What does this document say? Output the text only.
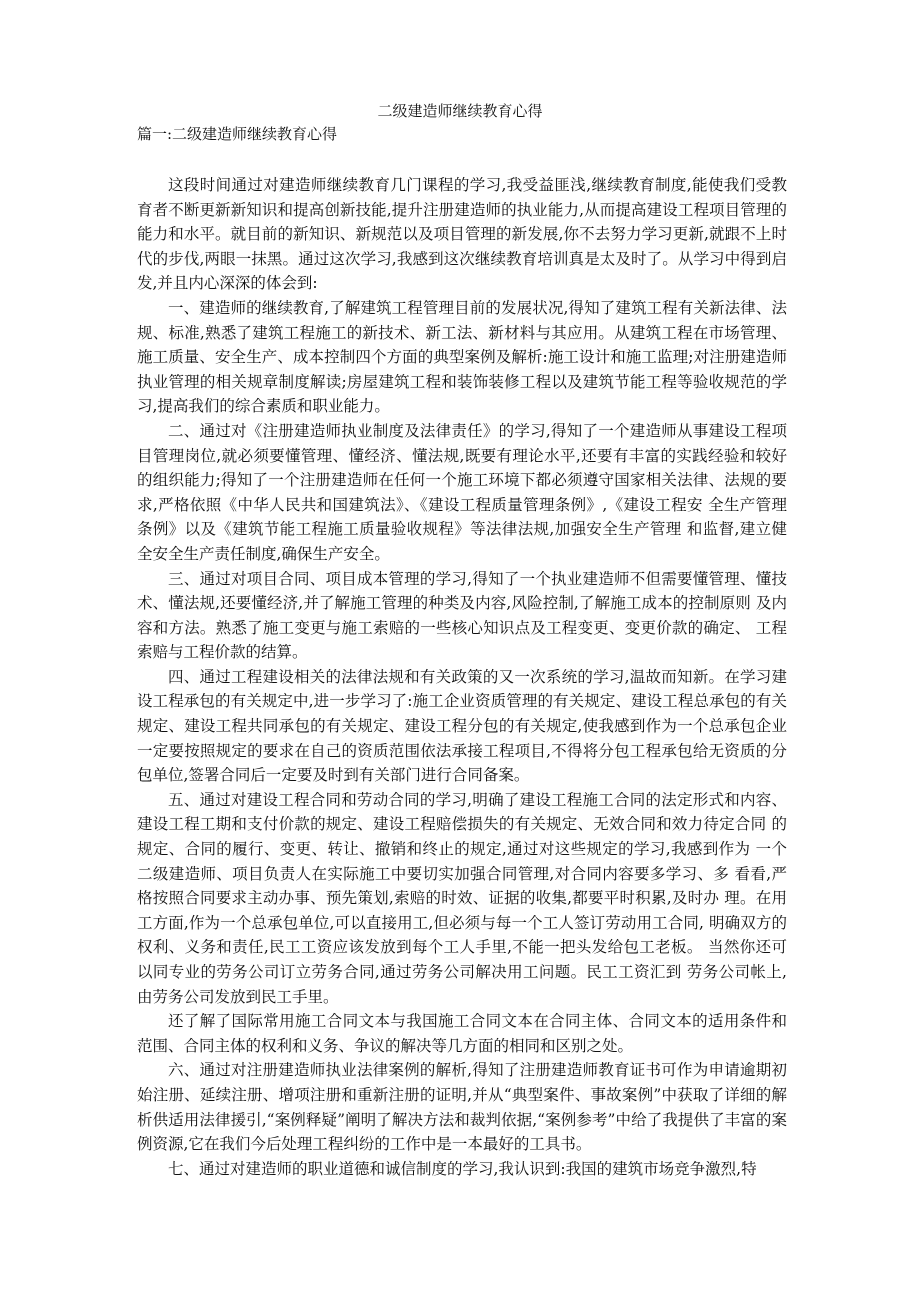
二级建造师继续教育心得
篇一:二级建造师继续教育心得

这段时间通过对建造师继续教育几门课程的学习,我受益匪浅,继续教育制度,能使我们受教育者不断更新新知识和提高创新技能,提升注册建造师的执业能力,从而提高建设工程项目管理的能力和水平。就目前的新知识、新规范以及项目管理的新发展,你不去努力学习更新,就跟不上时代的步伐,两眼一抹黑。通过这次学习,我感到这次继续教育培训真是太及时了。从学习中得到启发,并且内心深深的体会到:

一、建造师的继续教育,了解建筑工程管理目前的发展状况,得知了建筑工程有关新法律、法规、标准,熟悉了建筑工程施工的新技术、新工法、新材料与其应用。从建筑工程在市场管理、施工质量、安全生产、成本控制四个方面的典型案例及解析:施工设计和施工监理;对注册建造师执业管理的相关规章制度解读;房屋建筑工程和装饰装修工程以及建筑节能工程等验收规范的学习,提高我们的综合素质和职业能力。

二、通过对《注册建造师执业制度及法律责任》的学习,得知了一个建造师从事建设工程项目管理岗位,就必须要懂管理、懂经济、懂法规,既要有理论水平,还要有丰富的实践经验和较好的组织能力;得知了一个注册建造师在任何一个施工环境下都必须遵守国家相关法律、法规的要求,严格依照《中华人民共和国建筑法》、《建设工程质量管理条例》,《建设工程安 全生产管理条例》以及《建筑节能工程施工质量验收规程》等法律法规,加强安全生产管理 和监督,建立健全安全生产责任制度,确保生产安全。

三、通过对项目合同、项目成本管理的学习,得知了一个执业建造师不但需要懂管理、懂技术、懂法规,还要懂经济,并了解施工管理的种类及内容,风险控制,了解施工成本的控制原则 及内容和方法。熟悉了施工变更与施工索赔的一些核心知识点及工程变更、变更价款的确定、 工程索赔与工程价款的结算。

四、通过工程建设相关的法律法规和有关政策的又一次系统的学习,温故而知新。在学习建设工程承包的有关规定中,进一步学习了:施工企业资质管理的有关规定、建设工程总承包的有关规定、建设工程共同承包的有关规定、建设工程分包的有关规定,使我感到作为一个总承包企业一定要按照规定的要求在自己的资质范围依法承接工程项目,不得将分包工程承包给无资质的分包单位,签署合同后一定要及时到有关部门进行合同备案。

五、通过对建设工程合同和劳动合同的学习,明确了建设工程施工合同的法定形式和内容、 建设工程工期和支付价款的规定、建设工程赔偿损失的有关规定、无效合同和效力待定合同 的规定、合同的履行、变更、转让、撤销和终止的规定,通过对这些规定的学习,我感到作为 一个二级建造师、项目负责人在实际施工中要切实加强合同管理,对合同内容要多学习、多 看看,严格按照合同要求主动办事、预先策划,索赔的时效、证据的收集,都要平时积累,及时办 理。在用工方面,作为一个总承包单位,可以直接用工,但必须与每一个工人签订劳动用工合同, 明确双方的权利、义务和责任,民工工资应该发放到每个工人手里,不能一把头发给包工老板。 当然你还可以同专业的劳务公司订立劳务合同,通过劳务公司解决用工问题。民工工资汇到 劳务公司帐上,由劳务公司发放到民工手里。

还了解了国际常用施工合同文本与我国施工合同文本在合同主体、合同文本的适用条件和范围、合同主体的权利和义务、争议的解决等几方面的相同和区别之处。

六、通过对注册建造师执业法律案例的解析,得知了注册建造师教育证书可作为申请逾期初始注册、延续注册、增项注册和重新注册的证明,并从“典型案件、事故案例”中获取了详细的解析供适用法律援引,“案例释疑”阐明了解决方法和裁判依据,“案例参考”中给了我提供了丰富的案例资源,它在我们今后处理工程纠纷的工作中是一本最好的工具书。

七、通过对建造师的职业道德和诚信制度的学习,我认识到:我国的建筑市场竞争激烈,特
